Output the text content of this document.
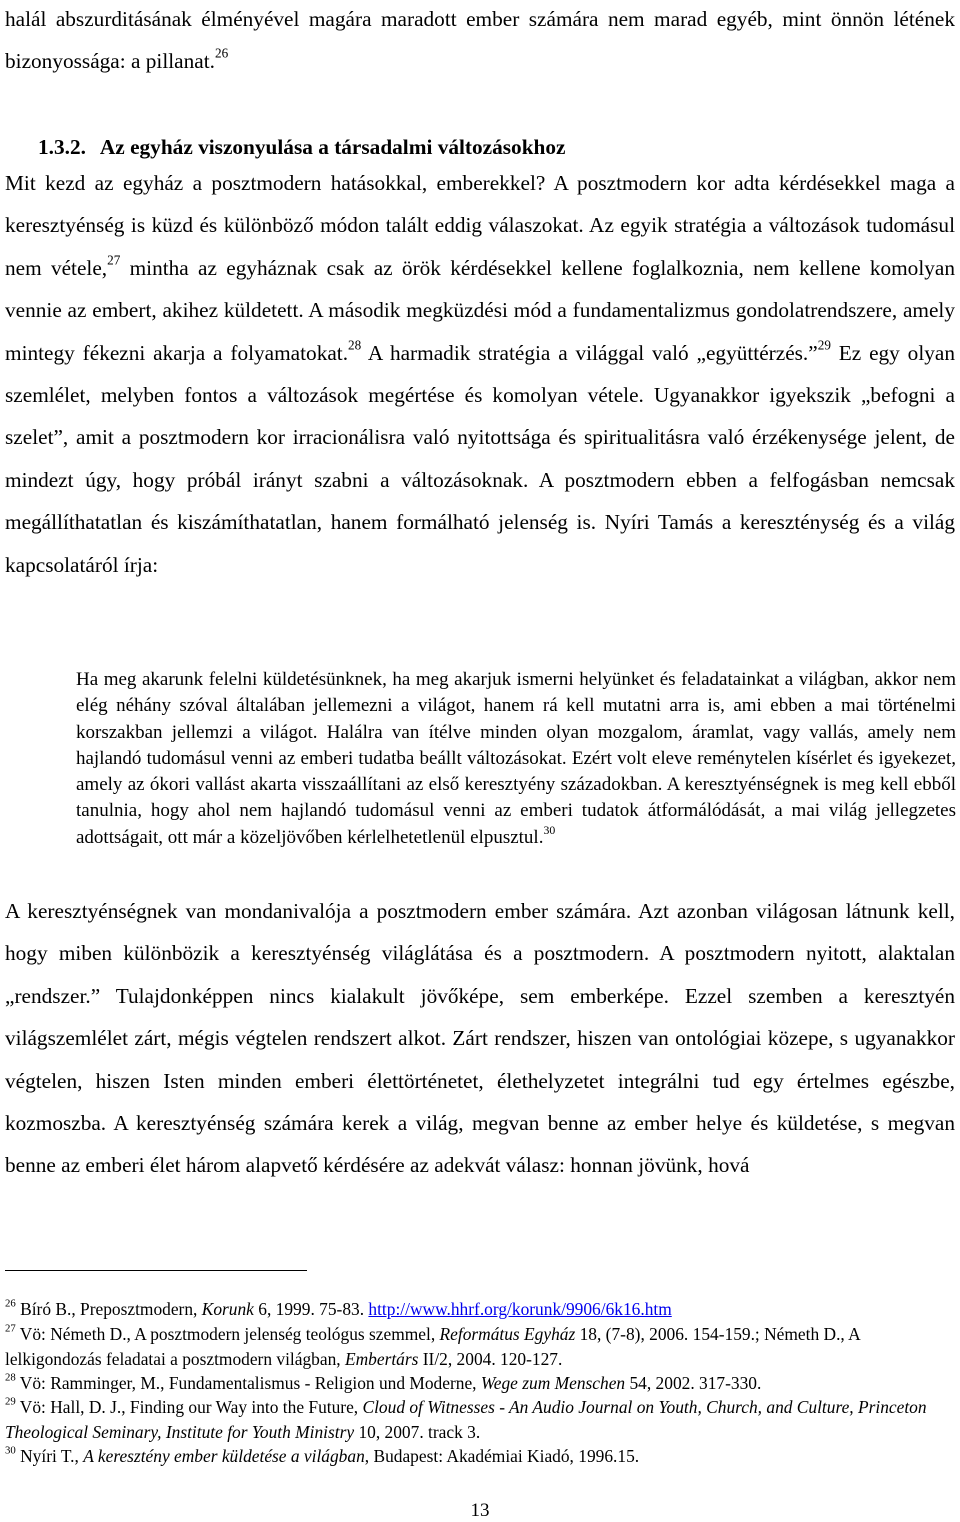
halál abszurditásának élményével magára maradott ember számára nem marad egyéb, mint önnön létének bizonyossága: a pillanat.$^{26}$

1.3.2. Az egyház viszonyulása a társadalmi változásokhoz

Mit kezd az egyház a posztmodern hatásokkal, emberekkel? A posztmodern kor adta kérdésekkel maga a keresztyénség is küzd és különböző módon talált eddig válaszokat. Az egyik stratégia a változások tudomásul nem vétele,$^{27}$ mintha az egyháznak csak az örök kérdésekkel kellene foglalkoznia, nem kellene komolyan vennie az embert, akihez küldetett. A második megküzdési mód a fundamentalizmus gondolatrendszere, amely mintegy fékezni akarja a folyamatokat.$^{28}$ A harmadik stratégia a világgal való „együttérzés.”$^{29}$ Ez egy olyan szemlélet, melyben fontos a változások megértése és komolyan vétele. Ugyanakkor igyekszik „befogni a szelet”, amit a posztmodern kor irracionálisra való nyitottsága és spiritualitásra való érzékenysége jelent, de mindezt úgy, hogy próbál irányt szabni a változásoknak. A posztmodern ebben a felfogásban nemcsak megállíthatatlan és kiszámíthatatlan, hanem formálható jelenség is. Nyíri Tamás a kereszténység és a világ kapcsolatáról írja:

Ha meg akarunk felelni küldetésünknek, ha meg akarjuk ismerni helyünket és feladatainkat a világban, akkor nem elég néhány szóval általában jellemezni a világot, hanem rá kell mutatni arra is, ami ebben a mai történelmi korszakban jellemzi a világot. Halálra van ítélve minden olyan mozgalom, áramlat, vagy vallás, amely nem hajlandó tudomásul venni az emberi tudatba beállt változásokat. Ezért volt eleve reménytelen kísérlet és igyekezet, amely az ókori vallást akarta visszaállítani az első keresztyény századokban. A keresztyénségnek is meg kell ebből tanulnia, hogy ahol nem hajlandó tudomásul venni az emberi tudatok átformálódását, a mai világ jellegzetes adottságait, ott már a közeljövőben kérlelhetetlenül elpusztul.$^{30}$

A keresztyénségnek van mondanivalója a posztmodern ember számára. Azt azonban világosan látnunk kell, hogy miben különbözik a keresztyénség világlátása és a posztmodern. A posztmodern nyitott, alaktalan „rendszer.” Tulajdonképpen nincs kialakult jövőképe, sem emberképe. Ezzel szemben a keresztyén világszemlélet zárt, mégis végtelen rendszert alkot. Zárt rendszer, hiszen van ontológiai közepe, s ugyanakkor végtelen, hiszen Isten minden emberi élettörténetet, élethelyzetet integrálni tud egy értelmes egészbe, kozmoszba. A keresztyénség számára kerek a világ, megvan benne az ember helye és küldetése, s megvan benne az emberi élet három alapvető kérdésére az adekvát válasz: honnan jövünk, hová

$^{26}$ Bíró B., Preposztmodern, Korunk 6, 1999. 75-83. http://www.hhrf.org/korunk/9906/6k16.htm

$^{27}$ Vö: Németh D., A posztmodern jelenség teológus szemmel, Református Egyház 18, (7-8), 2006. 154-159.; Németh D., A lelkigondozás feladatai a posztmodern világban, Embertárs II/2, 2004. 120-127.

$^{28}$ Vö: Ramminger, M., Fundamentalismus - Religion und Moderne, Wege zum Menschen 54, 2002. 317-330.

$^{29}$ Vö: Hall, D. J., Finding our Way into the Future, Cloud of Witnesses - An Audio Journal on Youth, Church, and Culture, Princeton Theological Seminary, Institute for Youth Ministry 10, 2007. track 3.

$^{30}$ Nyíri T., A keresztény ember küldetése a világban, Budapest: Akadémiai Kiadó, 1996.15.

13
